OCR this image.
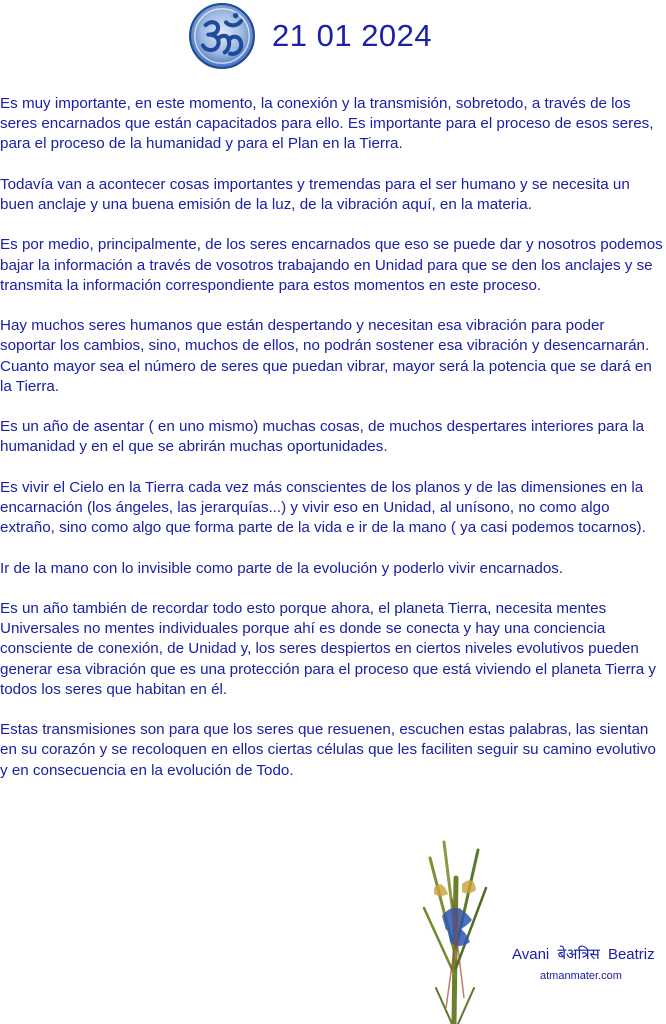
21 01 2024

Es muy importante, en este momento, la conexión y la transmisión, sobretodo, a través de los seres encarnados que están capacitados para ello. Es importante para el proceso de esos seres, para el proceso de la humanidad y para el Plan en la Tierra.

Todavía van a acontecer cosas importantes y tremendas para el ser humano y se necesita un buen anclaje y una buena emisión de la luz, de la vibración aquí, en la materia.

Es por medio, principalmente, de los seres encarnados que eso se puede dar y nosotros podemos bajar la información a través de vosotros trabajando en Unidad para que se den los anclajes y se transmita la información correspondiente para estos momentos en este proceso.

Hay muchos seres humanos que están despertando y necesitan esa vibración para poder soportar los cambios, sino, muchos de ellos, no podrán sostener esa vibración y desencarnarán. Cuanto mayor sea el número de seres que puedan vibrar, mayor será la potencia que se dará en la Tierra.

Es un año de asentar ( en uno mismo) muchas cosas, de muchos despertares interiores para la humanidad y en el que se abrirán muchas oportunidades.

Es vivir el Cielo en la Tierra cada vez más conscientes de los planos y de las dimensiones en la encarnación (los ángeles, las jerarquías...) y vivir eso en Unidad, al unísono, no como algo extraño, sino como algo que forma parte de la vida e ir de la mano ( ya casi podemos tocarnos).

Ir de la mano con lo invisible como parte de la evolución y poderlo vivir encarnados.

Es un año también de recordar todo esto porque ahora, el planeta Tierra, necesita mentes Universales no mentes individuales porque ahí es donde se conecta y hay una conciencia consciente de conexión, de Unidad y, los seres despiertos en ciertos niveles evolutivos pueden generar esa vibración que es una protección para el proceso que está viviendo el planeta Tierra y todos los seres que habitan en él.

Estas transmisiones son para que los seres que resuenen, escuchen estas palabras, las sientan en su corazón y se recoloquen en ellos ciertas células que les faciliten seguir su camino evolutivo y en consecuencia en la evolución de Todo.

Avani बेअत्रिस Beatriz
atmanmater.com
